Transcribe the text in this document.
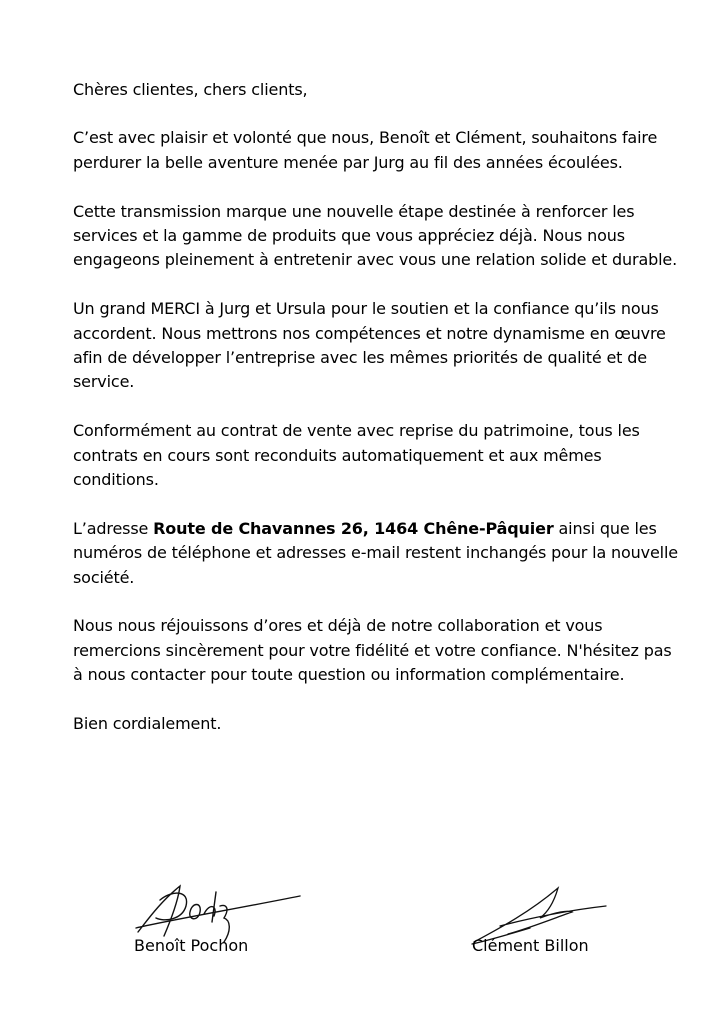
Chères clientes, chers clients,

C’est avec plaisir et volonté que nous, Benoît et Clément, souhaitons faire perdurer la belle aventure menée par Jurg au fil des années écoulées.

Cette transmission marque une nouvelle étape destinée à renforcer les services et la gamme de produits que vous appréciez déjà. Nous nous engageons pleinement à entretenir avec vous une relation solide et durable.

Un grand MERCI à Jurg et Ursula pour le soutien et la confiance qu’ils nous accordent. Nous mettrons nos compétences et notre dynamisme en œuvre afin de développer l’entreprise avec les mêmes priorités de qualité et de service.

Conformément au contrat de vente avec reprise du patrimoine, tous les contrats en cours sont reconduits automatiquement et aux mêmes conditions.

L’adresse Route de Chavannes 26, 1464 Chêne-Pâquier ainsi que les numéros de téléphone et adresses e-mail restent inchangés pour la nouvelle société.

Nous nous réjouissons d’ores et déjà de notre collaboration et vous remercions sincèrement pour votre fidélité et votre confiance. N'hésitez pas à nous contacter pour toute question ou information complémentaire.

Bien cordialement.

Benoît Pochon	Clément Billon
